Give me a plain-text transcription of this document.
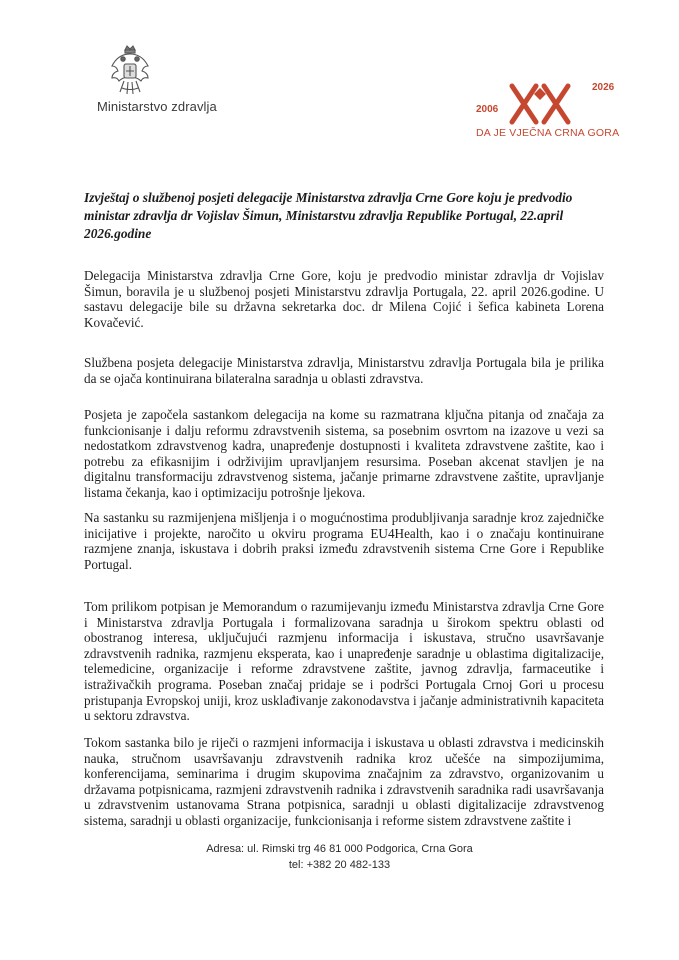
Ministarstvo zdravlja	2006
2026
DA JE VJEČNA CRNA GORA
Izvještaj o službenoj posjeti delegacije Ministarstva zdravlja Crne Gore koju je predvodio ministar zdravlja dr Vojislav Šimun, Ministarstvu zdravlja Republike Portugal, 22.april 2026.godine

Delegacija Ministarstva zdravlja Crne Gore, koju je predvodio ministar zdravlja dr Vojislav Šimun, boravila je u službenoj posjeti Ministarstvu zdravlja Portugala, 22. april 2026.godine. U sastavu delegacije bile su državna sekretarka doc. dr Milena Cojić i šefica kabineta Lorena Kovačević.

Službena posjeta delegacije Ministarstva zdravlja, Ministarstvu zdravlja Portugala bila je prilika da se ojača kontinuirana bilateralna saradnja u oblasti zdravstva.

Posjeta je započela sastankom delegacija na kome su razmatrana ključna pitanja od značaja za funkcionisanje i dalju reformu zdravstvenih sistema, sa posebnim osvrtom na izazove u vezi sa nedostatkom zdravstvenog kadra, unapređenje dostupnosti i kvaliteta zdravstvene zaštite, kao i potrebu za efikasnijim i održivijim upravljanjem resursima. Poseban akcenat stavljen je na digitalnu transformaciju zdravstvenog sistema, jačanje primarne zdravstvene zaštite, upravljanje listama čekanja, kao i optimizaciju potrošnje ljekova.

Na sastanku su razmijenjena mišljenja i o mogućnostima produbljivanja saradnje kroz zajedničke inicijative i projekte, naročito u okviru programa EU4Health, kao i o značaju kontinuirane razmjene znanja, iskustava i dobrih praksi između zdravstvenih sistema Crne Gore i Republike Portugal.

Tom prilikom potpisan je Memorandum o razumijevanju između Ministarstva zdravlja Crne Gore i Ministarstva zdravlja Portugala i formalizovana saradnja u širokom spektru oblasti od obostranog interesa, uključujući razmjenu informacija i iskustava, stručno usavršavanje zdravstvenih radnika, razmjenu eksperata, kao i unapređenje saradnje u oblastima digitalizacije, telemedicine, organizacije i reforme zdravstvene zaštite, javnog zdravlja, farmaceutike i istraživačkih programa. Poseban značaj pridaje se i podršci Portugala Crnoj Gori u procesu pristupanja Evropskoj uniji, kroz usklađivanje zakonodavstva i jačanje administrativnih kapaciteta u sektoru zdravstva.

Tokom sastanka bilo je riječi o razmjeni informacija i iskustava u oblasti zdravstva i medicinskih nauka, stručnom usavršavanju zdravstvenih radnika kroz učešće na simpozijumima, konferencijama, seminarima i drugim skupovima značajnim za zdravstvo, organizovanim u državama potpisnicama, razmjeni zdravstvenih radnika i zdravstvenih saradnika radi usavršavanja u zdravstvenim ustanovama Strana potpisnica, saradnji u oblasti digitalizacije zdravstvenog sistema, saradnji u oblasti organizacije, funkcionisanja i reforme sistem zdravstvene zaštite i

Adresa: ul. Rimski trg 46 81 000 Podgorica, Crna Gora
tel: +382 20 482-133
